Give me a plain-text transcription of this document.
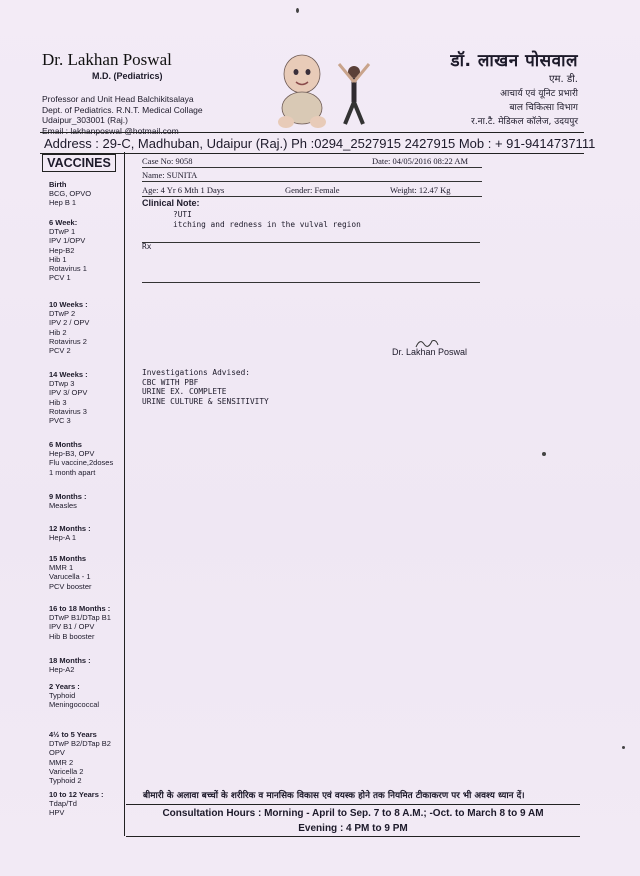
Dr. Lakhan Poswal
M.D. (Pediatrics)
Professor and Unit Head Balchikitsalaya
Dept. of Pediatrics. R.N.T. Medical Collage
Udaipur_303001 (Raj.)
Email : lakhanposwal @hotmail.com
डॉ. लाखन पोसवाल
एम. डी.
आचार्य एवं यूनिट प्रभारी
बाल चिकित्सा विभाग
र.ना.टै. मेडिकल कॉलेज, उदयपुर
Address : 29-C, Madhuban, Udaipur (Raj.) Ph :0294_2527915 2427915 Mob : + 91-9414737111
VACCINES
Birth
BCG, OPVO
Hep B 1
6 Week:
DTwP 1
IPV 1/OPV
Hep-B2
Hib 1
Rotavirus 1
PCV 1
10 Weeks :
DTwP 2
IPV 2 / OPV
Hib 2
Rotavirus 2
PCV 2
14 Weeks :
DTwp 3
IPV 3/ OPV
Hib 3
Rotavirus 3
PVC 3
6 Months
Hep-B3, OPV
Flu vaccine,2doses
1 month apart
9 Months :
Measles
12 Months :
Hep-A 1
15 Months
MMR 1
Varucella - 1
PCV booster
16 to 18 Months :
DTwP B1/DTap B1
IPV B1 / OPV
Hib B booster
18 Months :
Hep-A2
2 Years :
Typhoid
Meningococcal
4½ to 5 Years
DTwP B2/DTap B2
OPV
MMR 2
Varicella 2
Typhoid 2
10 to 12 Years :
Tdap/Td
HPV
Case No: 9058	Date: 04/05/2016 08:22 AM
Name: SUNITA
Age: 4 Yr 6 Mth 1 Days	Gender: Female	Weight: 12.47 Kg
Clinical Note:
?UTI
itching and redness in the vulval region
Rx
Dr. Lakhan Poswal
Investigations Advised:
CBC WITH PBF
URINE EX. COMPLETE
URINE CULTURE & SENSITIVITY
बीमारी के अलावा बच्चों के शरीरिक व मानसिक विकास एवं वयस्क होने तक नियमित टीकाकरण पर भी अवश्य ध्यान दें।
Consultation Hours : Morning - April to Sep. 7 to 8 A.M.; -Oct. to March 8 to 9 AM
Evening : 4 PM to 9 PM
